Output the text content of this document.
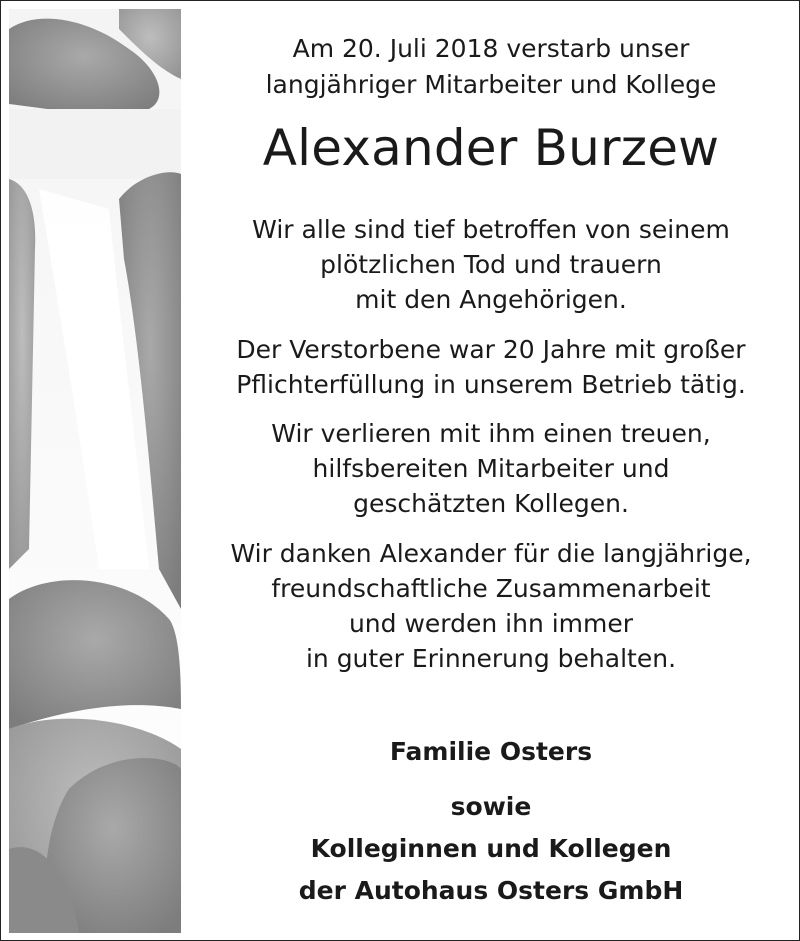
Am 20. Juli 2018 verstarb unser
langjähriger Mitarbeiter und Kollege
Alexander Burzew
Wir alle sind tief betroffen von seinem
plötzlichen Tod und trauern
mit den Angehörigen.
Der Verstorbene war 20 Jahre mit großer
Pflichterfüllung in unserem Betrieb tätig.
Wir verlieren mit ihm einen treuen,
hilfsbereiten Mitarbeiter und
geschätzten Kollegen.
Wir danken Alexander für die langjährige,
freundschaftliche Zusammenarbeit
und werden ihn immer
in guter Erinnerung behalten.
Familie Osters
sowie
Kolleginnen und Kollegen
der Autohaus Osters GmbH
